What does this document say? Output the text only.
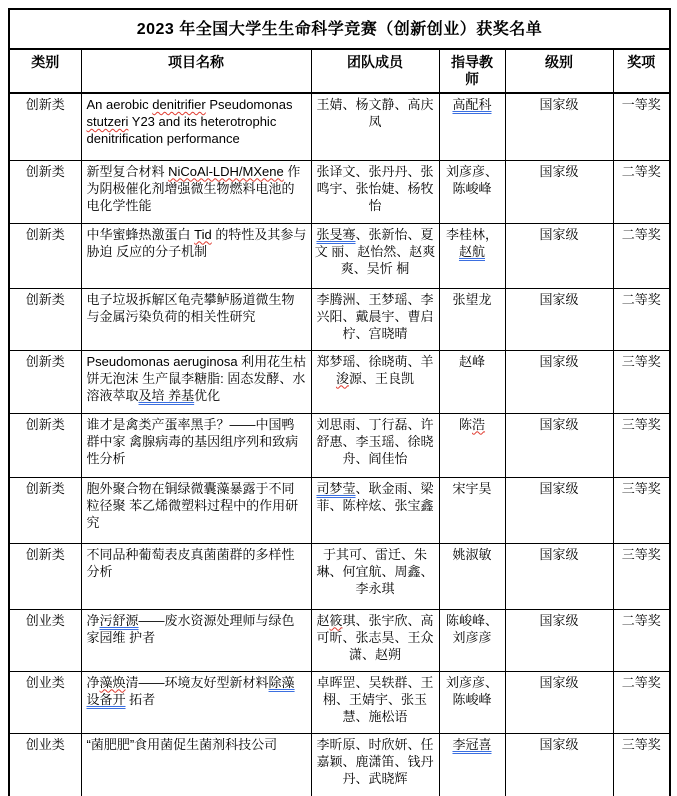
2023 年全国大学生生命科学竞赛（创新创业）获奖名单					
类别	项目名称	团队成员	指导教师	级别	奖项
创新类	An aerobic denitrifier Pseudomonas stutzeri Y23 and its heterotrophic denitrification performance	王婧、杨文静、高庆凤	高配科	国家级	一等奖
创新类	新型复合材料 NiCoAl-LDH/MXene 作为阴极催化剂增强微生物燃料电池的电化学性能	张译文、张丹丹、张鸣宇、张怡婕、杨牧怡	刘彦彦、陈峻峰	国家级	二等奖
创新类	中华蜜蜂热激蛋白 Tid 的特性及其参与胁迫 反应的分子机制	张旻骞、张新怡、夏文 丽、赵怡然、赵爽爽、吴忻 桐	李桂林，赵航	国家级	二等奖
创新类	电子垃圾拆解区龟壳攀鲈肠道微生物与金属污染负荷的相关性研究	李腾洲、王梦瑶、李兴阳、戴晨宇、曹启柠、宫晓晴	张望龙	国家级	二等奖
创新类	Pseudomonas aeruginosa 利用花生枯饼无泡沫 生产鼠李糖脂: 固态发酵、水溶液萃取及培 养基优化	郑梦瑶、徐晓萌、羊浚源、王良凯	赵峰	国家级	三等奖
创新类	谁才是禽类产蛋率黑手？——中国鸭群中家 禽腺病毒的基因组序列和致病性分析	刘思雨、丁行磊、许舒惠、李玉瑶、徐晓舟、阎佳怡	陈浩	国家级	三等奖
创新类	胞外聚合物在铜绿微囊藻暴露于不同粒径聚 苯乙烯微塑料过程中的作用研究	司梦莹、耿金雨、梁菲、陈梓炫、张宝鑫	宋宇昊	国家级	三等奖
创新类	不同品种葡萄表皮真菌菌群的多样性分析	于其可、雷迁、朱琳、何宜航、周鑫、李永琪	姚淑敏	国家级	三等奖
创业类	净污舒源——废水资源处理师与绿色家园维 护者	赵筱琪、张宇欣、高可昕、张志昊、王众潇、赵朔	陈峻峰、刘彦彦	国家级	二等奖
创业类	净藻焕清——环境友好型新材料除藻设备开 拓者	卓晖罡、吴轶群、王栩、王婧宇、张玉慧、施松语	刘彦彦、陈峻峰	国家级	二等奖
创业类	“菌肥肥”食用菌促生菌剂科技公司	李昕原、时欣妍、任嘉颖、鹿潇笛、钱丹丹、武晓辉	李冠喜	国家级	三等奖
